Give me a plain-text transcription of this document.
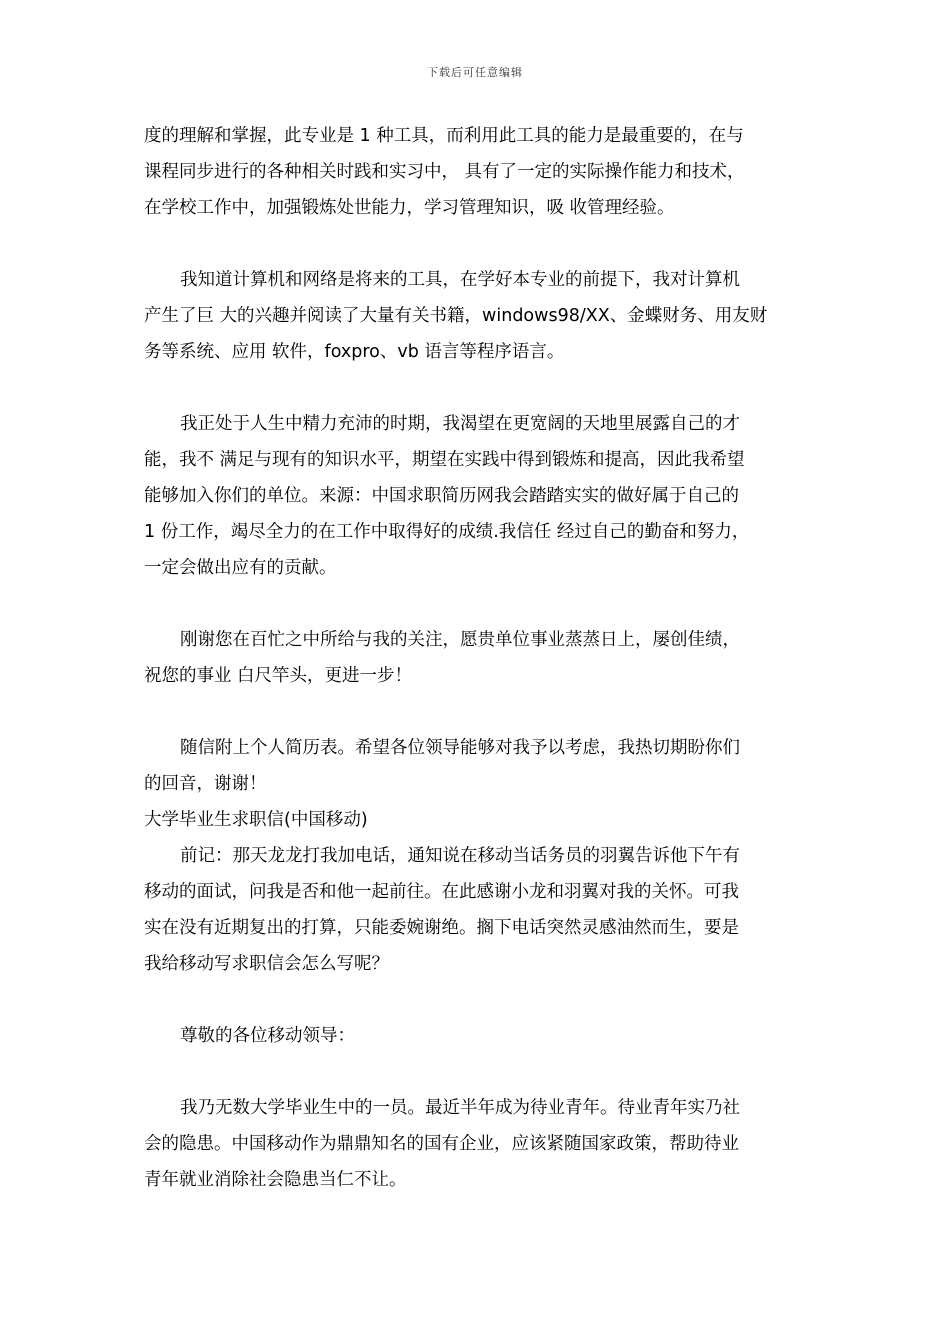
下载后可任意编辑
度的理解和掌握，此专业是 1 种工具，而利用此工具的能力是最重要的，在与
课程同步进行的各种相关时践和实习中， 具有了一定的实际操作能力和技术，
在学校工作中，加强锻炼处世能力，学习管理知识，吸 收管理经验。
我知道计算机和网络是将来的工具，在学好本专业的前提下，我对计算机
产生了巨 大的兴趣并阅读了大量有关书籍，windows98/XX、金蝶财务、用友财
务等系统、应用 软件，foxpro、vb 语言等程序语言。
我正处于人生中精力充沛的时期，我渴望在更宽阔的天地里展露自己的才
能，我不 满足与现有的知识水平，期望在实践中得到锻炼和提高，因此我希望
能够加入你们的单位。来源：中国求职简历网我会踏踏实实的做好属于自己的
1 份工作，竭尽全力的在工作中取得好的成绩.我信任 经过自己的勤奋和努力，
一定会做出应有的贡献。
刚谢您在百忙之中所给与我的关注，愿贵单位事业蒸蒸日上，屡创佳绩，
祝您的事业 白尺竿头，更进一步！
随信附上个人简历表。希望各位领导能够对我予以考虑，我热切期盼你们
的回音，谢谢！
大学毕业生求职信(中国移动)
前记：那天龙龙打我加电话，通知说在移动当话务员的羽翼告诉他下午有
移动的面试，问我是否和他一起前往。在此感谢小龙和羽翼对我的关怀。可我
实在没有近期复出的打算，只能委婉谢绝。搁下电话突然灵感油然而生，要是
我给移动写求职信会怎么写呢？
尊敬的各位移动领导：
我乃无数大学毕业生中的一员。最近半年成为待业青年。待业青年实乃社
会的隐患。中国移动作为鼎鼎知名的国有企业，应该紧随国家政策，帮助待业
青年就业消除社会隐患当仁不让。
